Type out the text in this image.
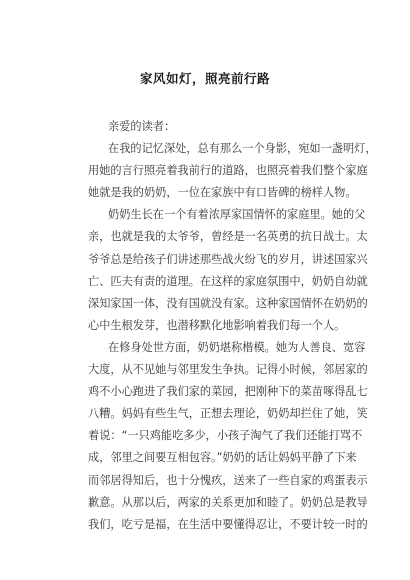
家风如灯，照亮前行路
亲爱的读者：
在我的记忆深处，总有那么一个身影，宛如一盏明灯，
用她的言行照亮着我前行的道路，也照亮着我们整个家庭
她就是我的奶奶，一位在家族中有口皆碑的榜样人物。
奶奶生长在一个有着浓厚家国情怀的家庭里。她的父
亲，也就是我的太爷爷，曾经是一名英勇的抗日战士。太
爷爷总是给孩子们讲述那些战火纷飞的岁月，讲述国家兴
亡、匹夫有责的道理。在这样的家庭氛围中，奶奶自幼就
深知家国一体，没有国就没有家。这种家国情怀在奶奶的
心中生根发芽，也潜移默化地影响着我们每一个人。
在修身处世方面，奶奶堪称楷模。她为人善良、宽容
大度，从不见她与邻里发生争执。记得小时候，邻居家的
鸡不小心跑进了我们家的菜园，把刚种下的菜苗啄得乱七
八糟。妈妈有些生气，正想去理论，奶奶却拦住了她，笑
着说：“一只鸡能吃多少，小孩子淘气了我们还能打骂不
成，邻里之间要互相包容。”奶奶的话让妈妈平静了下来
而邻居得知后，也十分愧疚，送来了一些自家的鸡蛋表示
歉意。从那以后，两家的关系更加和睦了。奶奶总是教导
我们，吃亏是福，在生活中要懂得忍让，不要计较一时的
